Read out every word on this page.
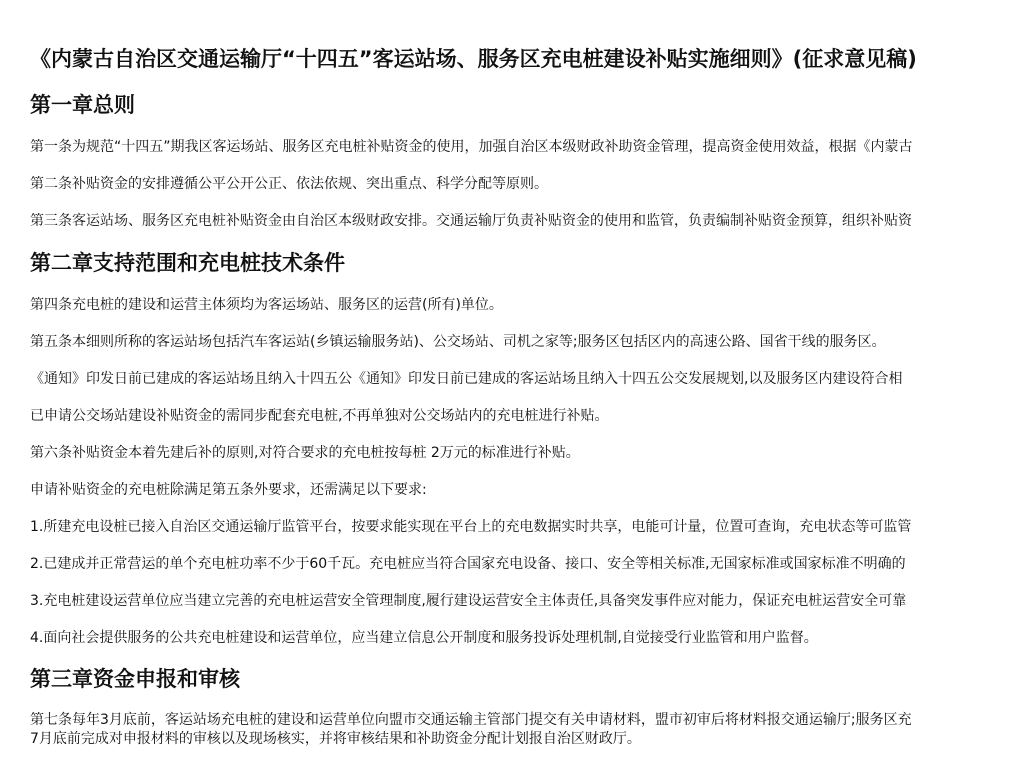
《内蒙古自治区交通运输厅“十四五”客运站场、服务区充电桩建设补贴实施细则》(征求意见稿)
第一章总则
第一条为规范“十四五”期我区客运场站、服务区充电桩补贴资金的使用，加强自治区本级财政补助资金管理，提高资金使用效益，根据《内蒙古
第二条补贴资金的安排遵循公平公开公正、依法依规、突出重点、科学分配等原则。
第三条客运站场、服务区充电桩补贴资金由自治区本级财政安排。交通运输厅负责补贴资金的使用和监管，负责编制补贴资金预算，组织补贴资
第二章支持范围和充电桩技术条件
第四条充电桩的建设和运营主体须均为客运场站、服务区的运营(所有)单位。
第五条本细则所称的客运站场包括汽车客运站(乡镇运输服务站)、公交场站、司机之家等;服务区包括区内的高速公路、国省干线的服务区。
《通知》印发日前已建成的客运站场且纳入十四五公《通知》印发日前已建成的客运站场且纳入十四五公交发展规划,以及服务区内建设符合相
已申请公交场站建设补贴资金的需同步配套充电桩,不再单独对公交场站内的充电桩进行补贴。
第六条补贴资金本着先建后补的原则,对符合要求的充电桩按每桩 2万元的标准进行补贴。
申请补贴资金的充电桩除满足第五条外要求，还需满足以下要求:
1.所建充电设桩已接入自治区交通运输厅监管平台，按要求能实现在平台上的充电数据实时共享，电能可计量，位置可查询，充电状态等可监管
2.已建成并正常营运的单个充电桩功率不少于60千瓦。充电桩应当符合国家充电设备、接口、安全等相关标准,无国家标准或国家标准不明确的
3.充电桩建设运营单位应当建立完善的充电桩运营安全管理制度,履行建设运营安全主体责任,具备突发事件应对能力，保证充电桩运营安全可靠
4.面向社会提供服务的公共充电桩建设和运营单位，应当建立信息公开制度和服务投诉处理机制,自觉接受行业监管和用户监督。
第三章资金申报和审核
第七条每年3月底前，客运站场充电桩的建设和运营单位向盟市交通运输主管部门提交有关申请材料，盟市初审后将材料报交通运输厅;服务区充
7月底前完成对申报材料的审核以及现场核实，并将审核结果和补助资金分配计划报自治区财政厅。
